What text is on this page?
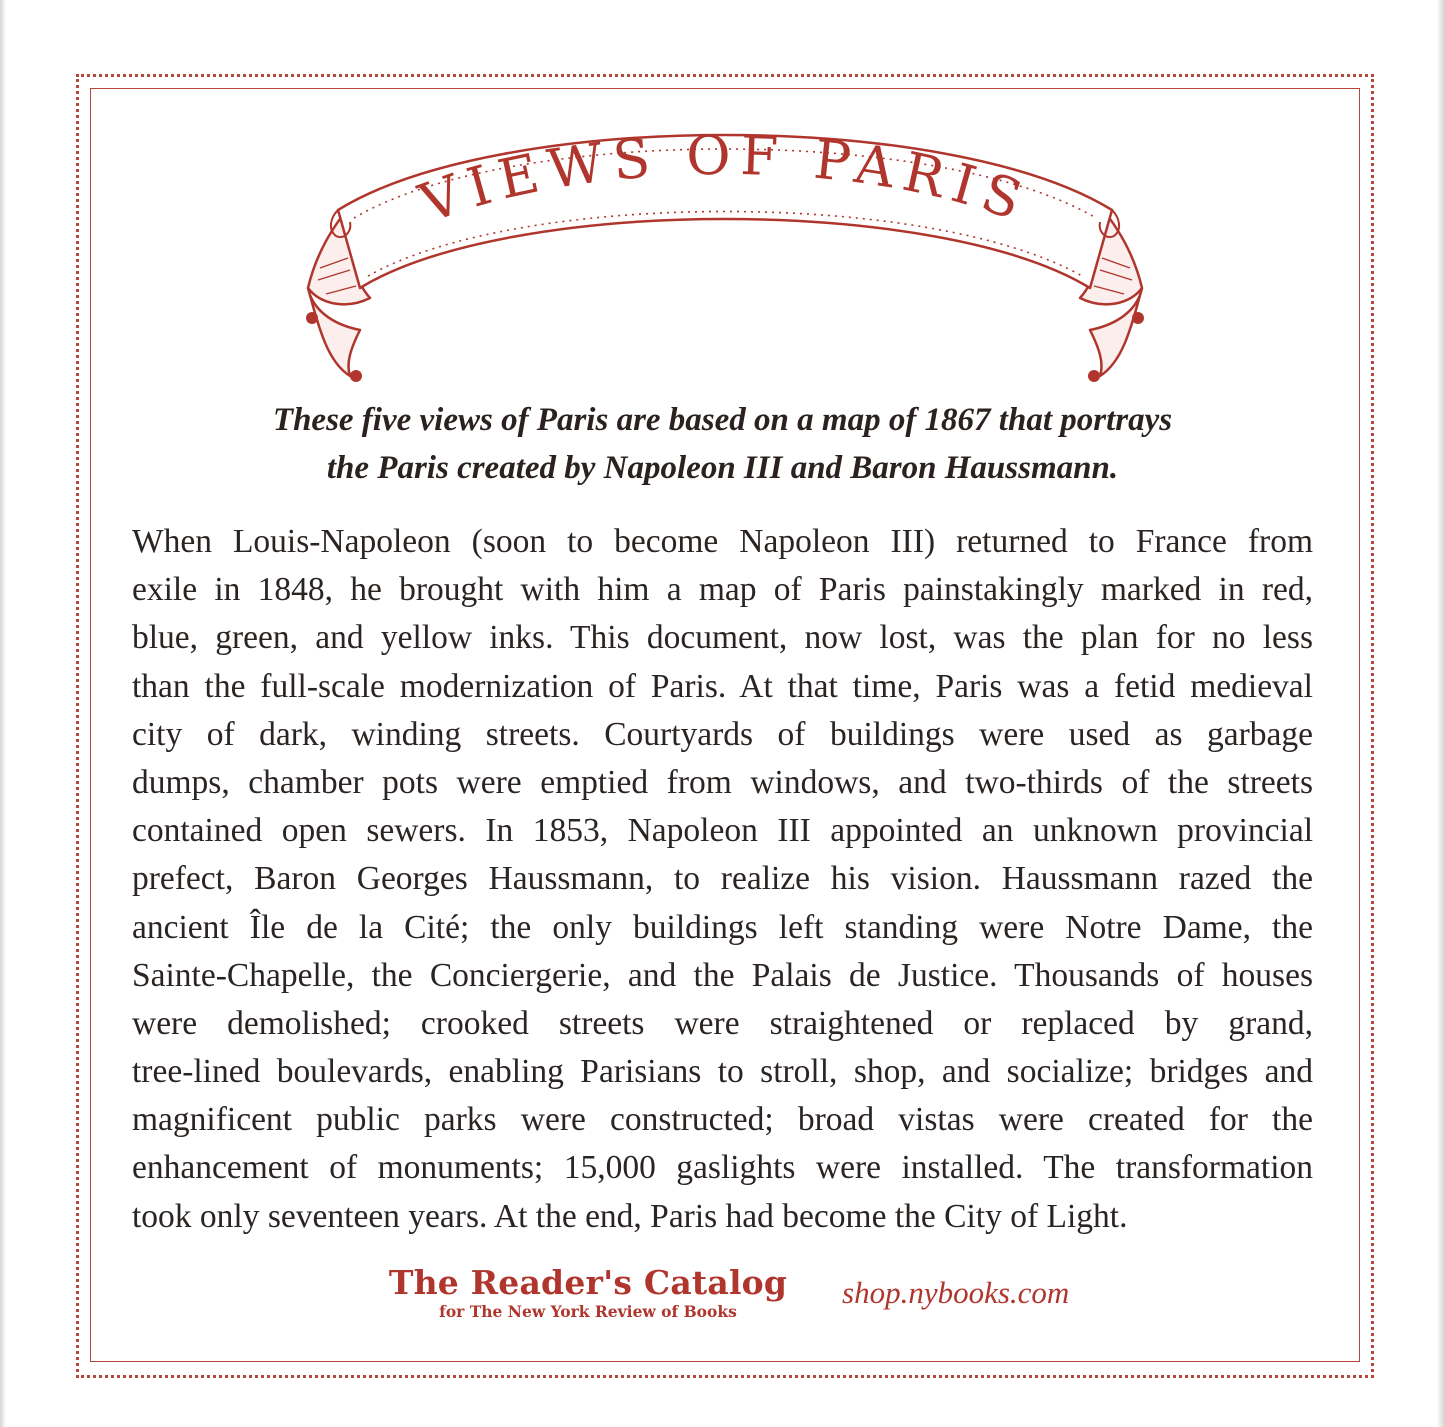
VIEWS OF PARIS
These five views of Paris are based on a map of 1867 that portrays
the Paris created by Napoleon III and Baron Haussmann.
When Louis-Napoleon (soon to become Napoleon III) returned to France from
exile in 1848, he brought with him a map of Paris painstakingly marked in red,
blue, green, and yellow inks. This document, now lost, was the plan for no less
than the full-scale modernization of Paris. At that time, Paris was a fetid medieval
city of dark, winding streets. Courtyards of buildings were used as garbage
dumps, chamber pots were emptied from windows, and two-thirds of the streets
contained open sewers. In 1853, Napoleon III appointed an unknown provincial
prefect, Baron Georges Haussmann, to realize his vision. Haussmann razed the
ancient Île de la Cité; the only buildings left standing were Notre Dame, the
Sainte-Chapelle, the Conciergerie, and the Palais de Justice. Thousands of houses
were demolished; crooked streets were straightened or replaced by grand,
tree-lined boulevards, enabling Parisians to stroll, shop, and socialize; bridges and
magnificent public parks were constructed; broad vistas were created for the
enhancement of monuments; 15,000 gaslights were installed. The transformation
took only seventeen years. At the end, Paris had become the City of Light.
The Reader's Catalog
for The New York Review of Books
shop.nybooks.com
